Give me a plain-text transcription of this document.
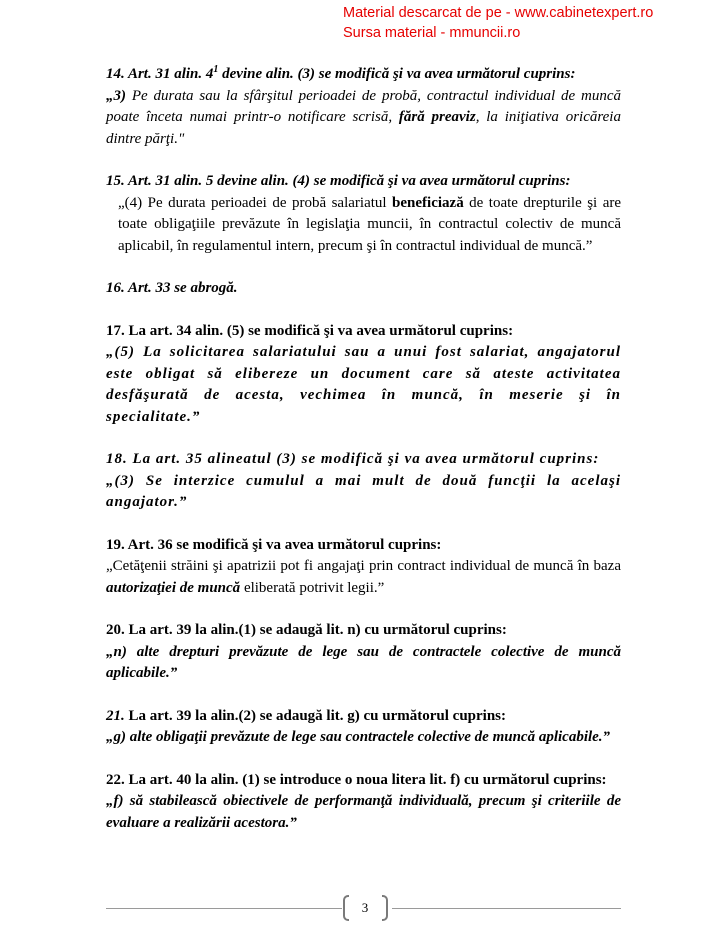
Material descarcat de pe - www.cabinetexpert.ro
Sursa material - mmuncii.ro

14. Art. 31 alin. $4^1$ devine alin. (3) se modifică şi va avea următorul cuprins:

„3) Pe durata sau la sfârşitul perioadei de probă, contractul individual de muncă poate înceta numai printr-o notificare scrisă, fără preaviz, la iniţiativa oricăreia dintre părţi."

15. Art. 31 alin. 5 devine alin. (4) se modifică şi va avea următorul cuprins:

„(4) Pe durata perioadei de probă salariatul beneficiază de toate drepturile şi are toate obligaţiile prevăzute în legislaţia muncii, în contractul colectiv de muncă aplicabil, în regulamentul intern, precum şi în contractul individual de muncă.”

16. Art. 33 se abrogă.

17. La art. 34 alin. (5) se modifică şi va avea următorul cuprins:

„(5) La solicitarea salariatului sau a unui fost salariat, angajatorul este obligat să elibereze un document care să ateste activitatea desfăşurată de acesta, vechimea în muncă, în meserie şi în specialitate.”

18. La art. 35 alineatul (3) se modifică şi va avea următorul cuprins:

„(3) Se interzice cumulul a mai mult de două funcţii la acelaşi angajator.”

19. Art. 36 se modifică şi va avea următorul cuprins:

„Cetăţenii străini şi apatrizii pot fi angajaţi prin contract individual de muncă în baza autorizaţiei de muncă eliberată potrivit legii.”

20. La art. 39 la alin.(1) se adaugă lit. n) cu următorul cuprins:

„n) alte drepturi prevăzute de lege sau de contractele colective de muncă aplicabile.”

21. La art. 39 la alin.(2) se adaugă lit. g) cu următorul cuprins:

„g) alte obligaţii prevăzute de lege sau contractele colective de muncă aplicabile.”

22. La art. 40 la alin. (1) se introduce o noua litera lit. f) cu următorul cuprins:

„f) să stabilească obiectivele de performanţă individuală, precum şi criteriile de evaluare a realizării acestora.”

3
